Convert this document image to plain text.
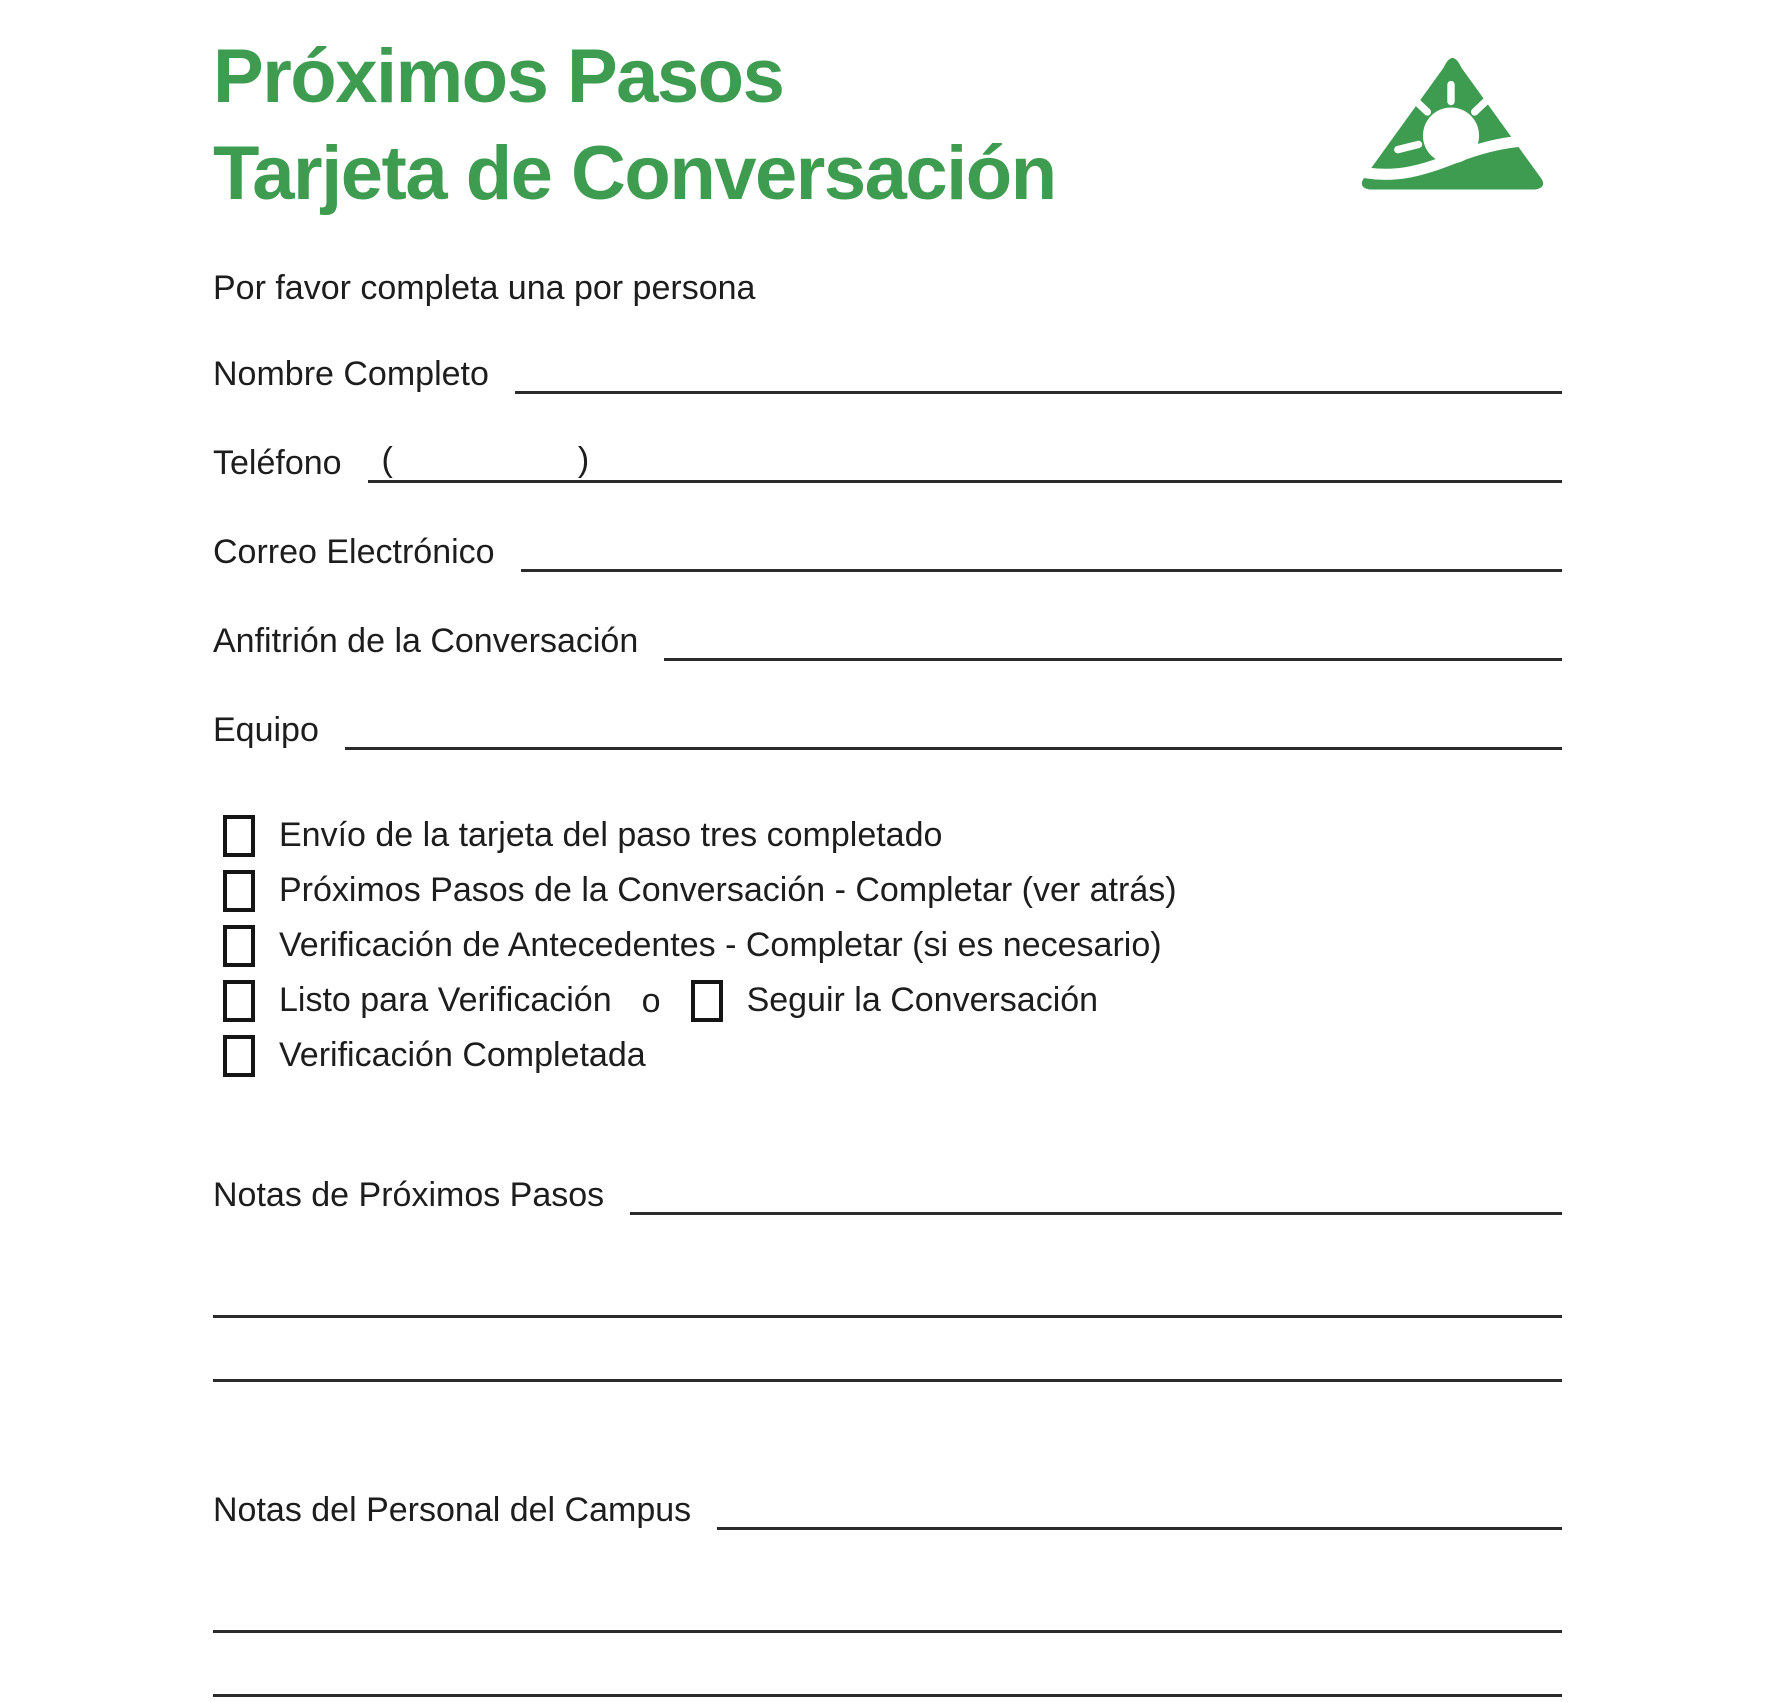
Próximos Pasos
Tarjeta de Conversación
Por favor completa una por persona
Nombre Completo
Teléfono (	)
Correo Electrónico
Anfitrión de la Conversación
Equipo
Envío de la tarjeta del paso tres completado
Próximos Pasos de la Conversación - Completar (ver atrás)
Verificación de Antecedentes - Completar (si es necesario)
Listo para Verificación o	Seguir la Conversación
Verificación Completada
Notas de Próximos Pasos
Notas del Personal del Campus
